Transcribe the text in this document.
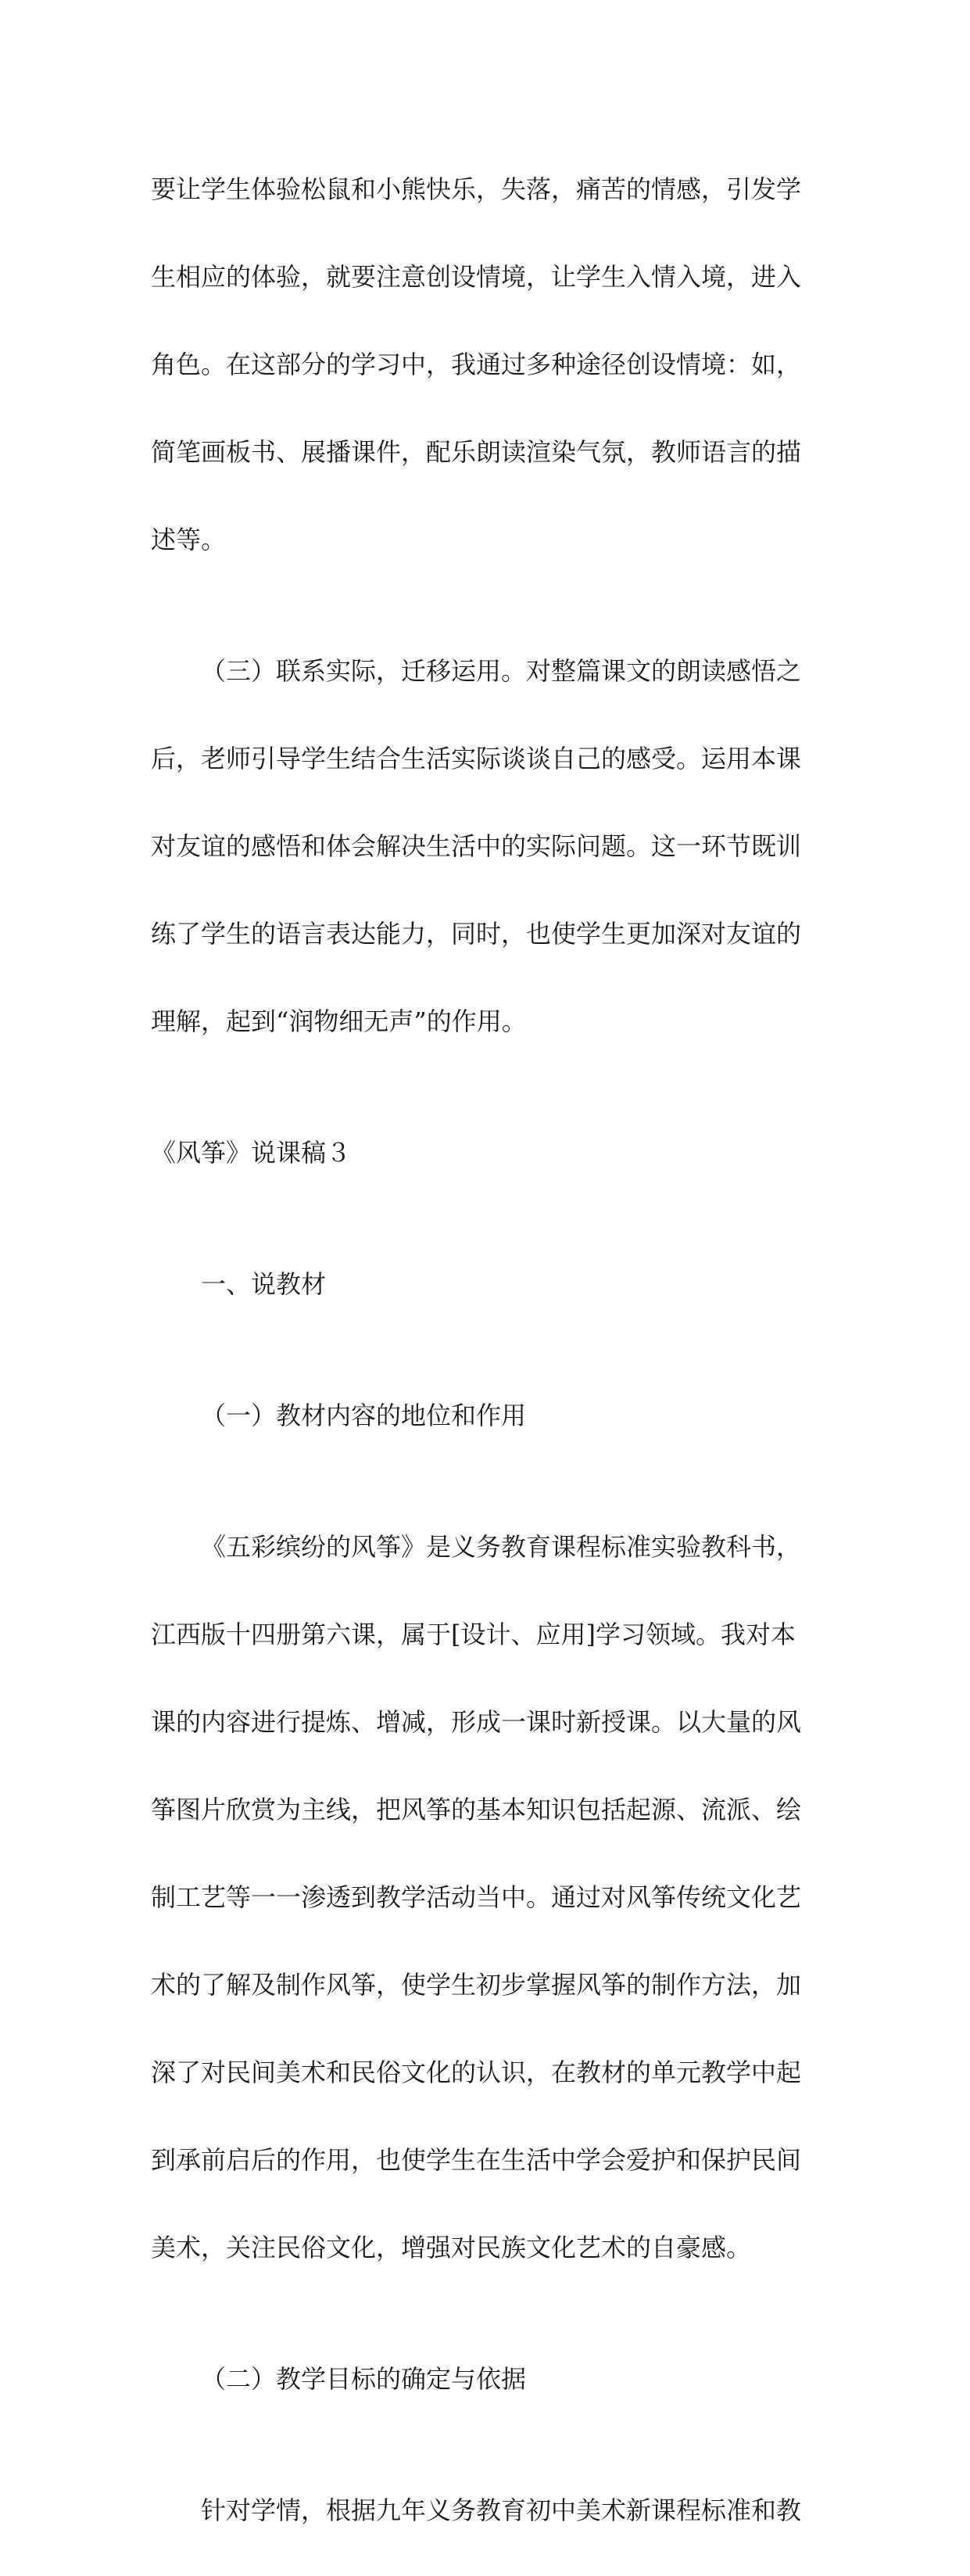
要让学生体验松鼠和小熊快乐，失落，痛苦的情感，引发学

生相应的体验，就要注意创设情境，让学生入情入境，进入

角色。在这部分的学习中，我通过多种途径创设情境：如，

简笔画板书、展播课件，配乐朗读渲染气氛，教师语言的描

述等。

（三）联系实际，迁移运用。对整篇课文的朗读感悟之

后，老师引导学生结合生活实际谈谈自己的感受。运用本课

对友谊的感悟和体会解决生活中的实际问题。这一环节既训

练了学生的语言表达能力，同时，也使学生更加深对友谊的

理解，起到“润物细无声”的作用。

《风筝》说课稿３

一、说教材

（一）教材内容的地位和作用

《五彩缤纷的风筝》是义务教育课程标准实验教科书，

江西版十四册第六课，属于[设计、应用]学习领域。我对本

课的内容进行提炼、增减，形成一课时新授课。以大量的风

筝图片欣赏为主线，把风筝的基本知识包括起源、流派、绘

制工艺等一一渗透到教学活动当中。通过对风筝传统文化艺

术的了解及制作风筝，使学生初步掌握风筝的制作方法，加

深了对民间美术和民俗文化的认识，在教材的单元教学中起

到承前启后的作用，也使学生在生活中学会爱护和保护民间

美术，关注民俗文化，增强对民族文化艺术的自豪感。

（二）教学目标的确定与依据

针对学情，根据九年义务教育初中美术新课程标准和教
